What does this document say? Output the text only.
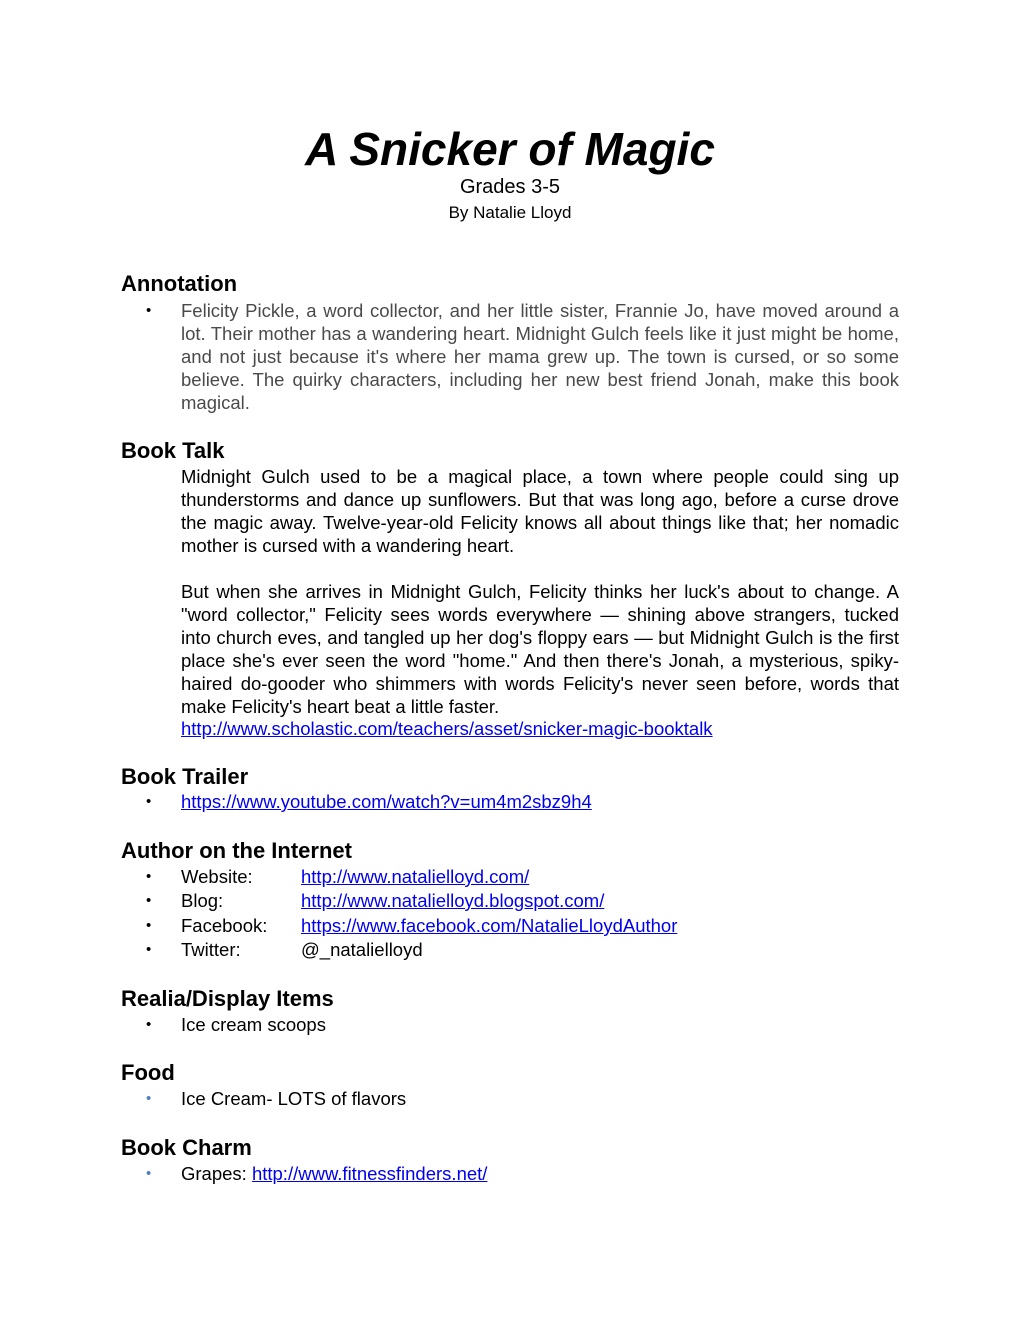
A Snicker of Magic
Grades 3-5
By Natalie Lloyd
Annotation
•	Felicity Pickle, a word collector, and her little sister, Frannie Jo, have moved around a lot. Their mother has a wandering heart. Midnight Gulch feels like it just might be home, and not just because it's where her mama grew up. The town is cursed, or so some believe. The quirky characters, including her new best friend Jonah, make this book magical.
Book Talk
Midnight Gulch used to be a magical place, a town where people could sing up thunderstorms and dance up sunflowers. But that was long ago, before a curse drove the magic away. Twelve-year-old Felicity knows all about things like that; her nomadic mother is cursed with a wandering heart.
But when she arrives in Midnight Gulch, Felicity thinks her luck's about to change. A "word collector," Felicity sees words everywhere — shining above strangers, tucked into church eves, and tangled up her dog's floppy ears — but Midnight Gulch is the first place she's ever seen the word "home." And then there's Jonah, a mysterious, spiky-haired do-gooder who shimmers with words Felicity's never seen before, words that make Felicity's heart beat a little faster.
http://www.scholastic.com/teachers/asset/snicker-magic-booktalk
Book Trailer
• https://www.youtube.com/watch?v=um4m2sbz9h4
Author on the Internet
• Website:	http://www.natalielloyd.com/
• Blog:	http://www.natalielloyd.blogspot.com/
• Facebook: https://www.facebook.com/NatalieLloydAuthor
• Twitter:	@_natalielloyd
Realia/Display Items
• Ice cream scoops
Food
• Ice Cream- LOTS of flavors
Book Charm
• Grapes: http://www.fitnessfinders.net/
